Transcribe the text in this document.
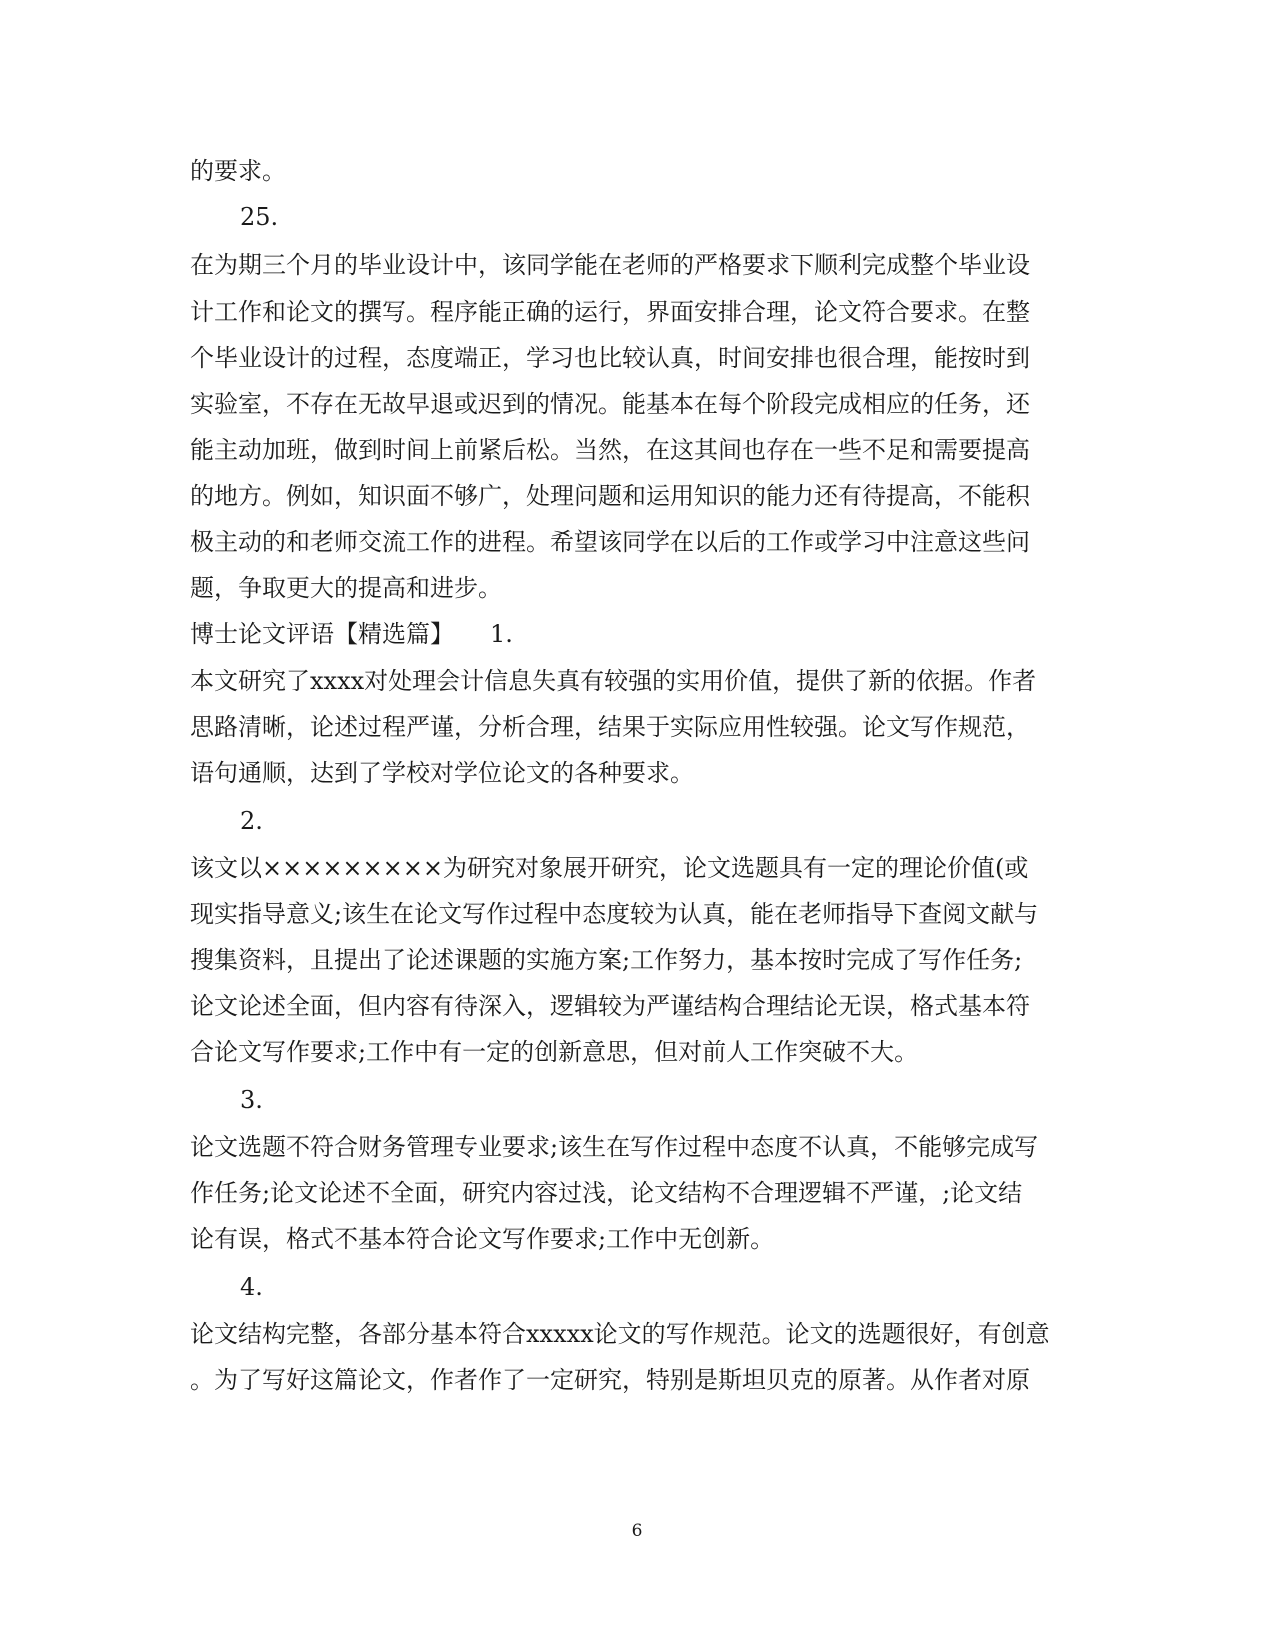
的要求。
25.
在为期三个月的毕业设计中，该同学能在老师的严格要求下顺利完成整个毕业设
计工作和论文的撰写。程序能正确的运行，界面安排合理，论文符合要求。在整
个毕业设计的过程，态度端正，学习也比较认真，时间安排也很合理，能按时到
实验室，不存在无故早退或迟到的情况。能基本在每个阶段完成相应的任务，还
能主动加班，做到时间上前紧后松。当然，在这其间也存在一些不足和需要提高
的地方。例如，知识面不够广，处理问题和运用知识的能力还有待提高，不能积
极主动的和老师交流工作的进程。希望该同学在以后的工作或学习中注意这些问
题，争取更大的提高和进步。
博士论文评语【精选篇】　　1.
本文研究了xxxx对处理会计信息失真有较强的实用价值，提供了新的依据。作者
思路清晰，论述过程严谨，分析合理，结果于实际应用性较强。论文写作规范，
语句通顺，达到了学校对学位论文的各种要求。
2.
该文以×××××××××为研究对象展开研究，论文选题具有一定的理论价值(或
现实指导意义;该生在论文写作过程中态度较为认真，能在老师指导下查阅文献与
搜集资料，且提出了论述课题的实施方案;工作努力，基本按时完成了写作任务;
论文论述全面，但内容有待深入，逻辑较为严谨结构合理结论无误，格式基本符
合论文写作要求;工作中有一定的创新意思，但对前人工作突破不大。
3.
论文选题不符合财务管理专业要求;该生在写作过程中态度不认真，不能够完成写
作任务;论文论述不全面，研究内容过浅，论文结构不合理逻辑不严谨，;论文结
论有误，格式不基本符合论文写作要求;工作中无创新。
4.
论文结构完整，各部分基本符合xxxxx论文的写作规范。论文的选题很好，有创意
。为了写好这篇论文，作者作了一定研究，特别是斯坦贝克的原著。从作者对原
6
